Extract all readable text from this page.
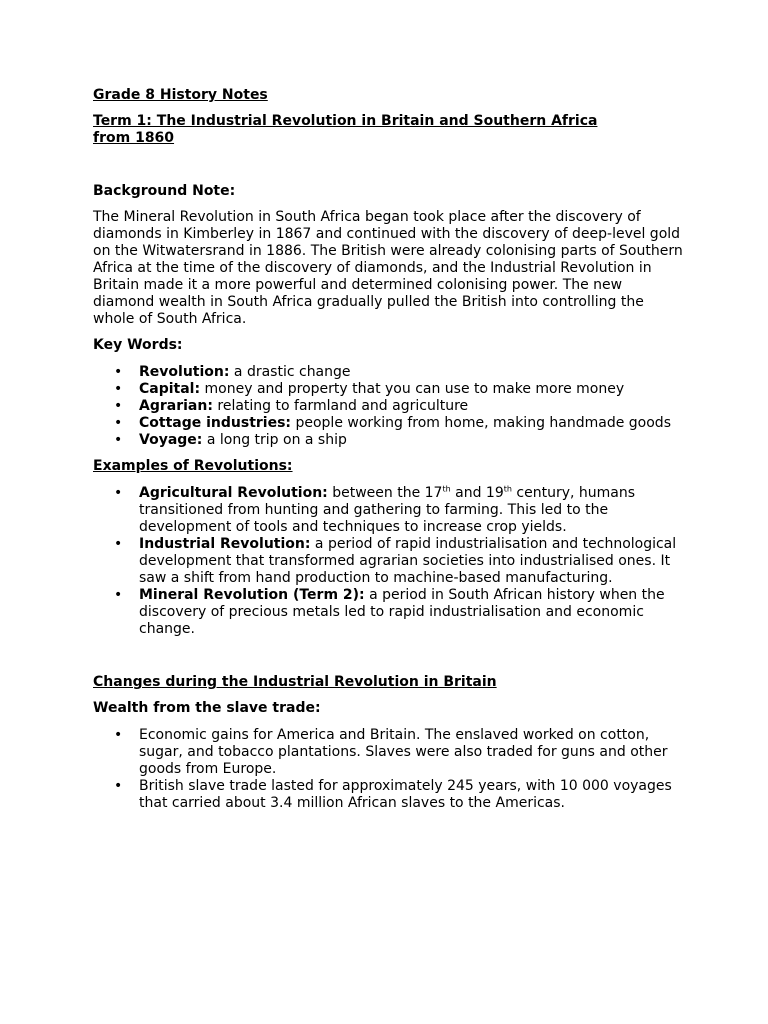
Grade 8 History Notes

Term 1: The Industrial Revolution in Britain and Southern Africa
from 1860

Background Note:

The Mineral Revolution in South Africa began took place after the discovery of diamonds in Kimberley in 1867 and continued with the discovery of deep-level gold on the Witwatersrand in 1886. The British were already colonising parts of Southern Africa at the time of the discovery of diamonds, and the Industrial Revolution in Britain made it a more powerful and determined colonising power. The new diamond wealth in South Africa gradually pulled the British into controlling the whole of South Africa.

Key Words:

• Revolution: a drastic change
• Capital: money and property that you can use to make more money
• Agrarian: relating to farmland and agriculture
• Cottage industries: people working from home, making handmade goods
• Voyage: a long trip on a ship

Examples of Revolutions:

• Agricultural Revolution: between the 17th and 19th century, humans transitioned from hunting and gathering to farming. This led to the development of tools and techniques to increase crop yields.
• Industrial Revolution: a period of rapid industrialisation and technological development that transformed agrarian societies into industrialised ones. It saw a shift from hand production to machine-based manufacturing.
• Mineral Revolution (Term 2): a period in South African history when the discovery of precious metals led to rapid industrialisation and economic change.

Changes during the Industrial Revolution in Britain

Wealth from the slave trade:

• Economic gains for America and Britain. The enslaved worked on cotton, sugar, and tobacco plantations. Slaves were also traded for guns and other goods from Europe.
• British slave trade lasted for approximately 245 years, with 10 000 voyages that carried about 3.4 million African slaves to the Americas.
